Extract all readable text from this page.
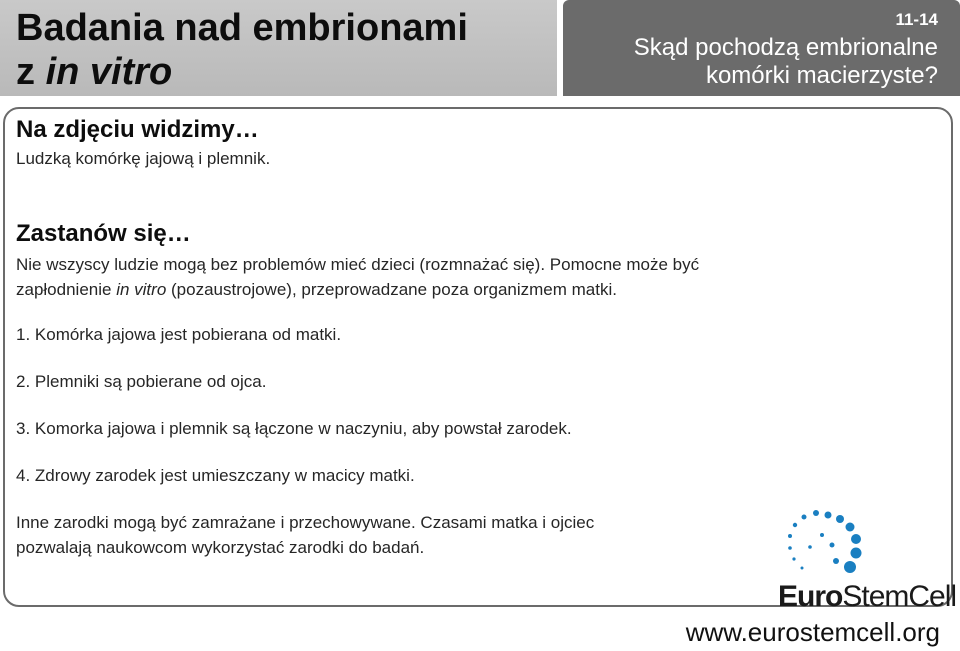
Badania nad embrionami
z in vitro
11-14
Skąd pochodzą embrionalne komórki macierzyste?
Na zdjęciu widzimy…
Ludzką komórkę jajową i plemnik.
Zastanów się…
Nie wszyscy ludzie mogą bez problemów mieć dzieci (rozmnażać się). Pomocne może być
zapłodnienie in vitro (pozaustrojowe), przeprowadzane poza organizmem matki.
1. Komórka jajowa jest pobierana od matki.
2. Plemniki są pobierane od ojca.
3. Komorka jajowa i plemnik są łączone w naczyniu, aby powstał zarodek.
4. Zdrowy zarodek jest umieszczany w macicy matki.
Inne zarodki mogą być zamrażane i przechowywane. Czasami matka i ojciec
pozwalają naukowcom wykorzystać zarodki do badań.
EuroStemCell
www.eurostemcell.org
